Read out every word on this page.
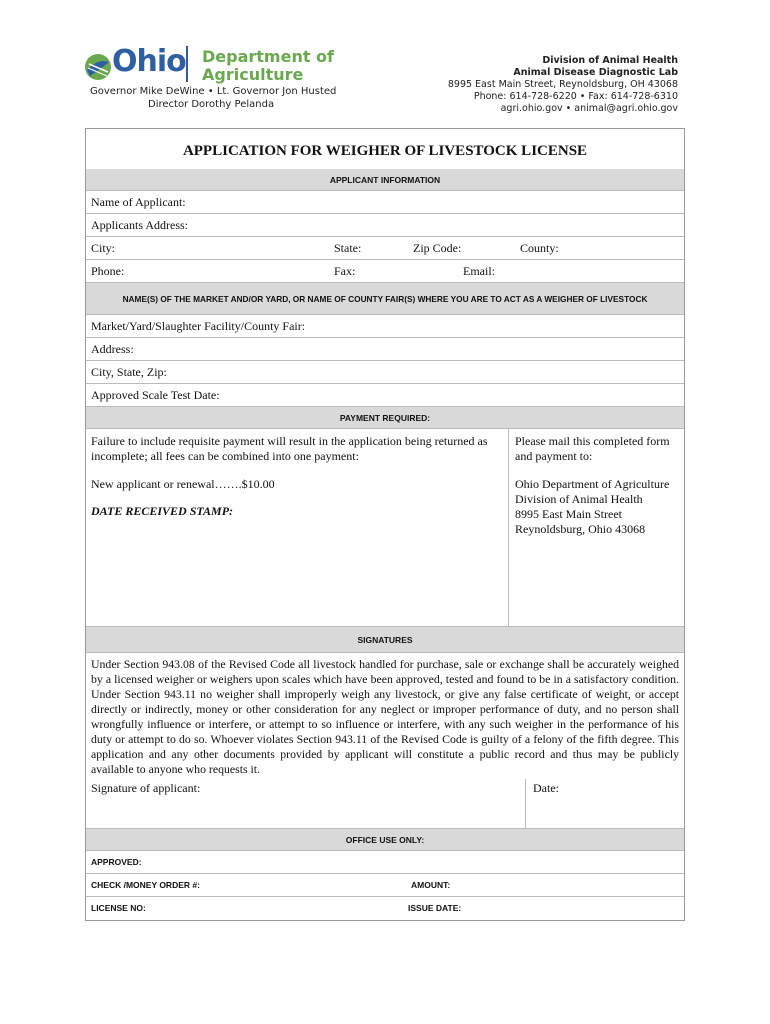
Ohio Department of
Agriculture
Governor Mike DeWine • Lt. Governor Jon Husted
Director Dorothy Pelanda
Division of Animal Health
Animal Disease Diagnostic Lab
8995 East Main Street, Reynoldsburg, OH 43068
Phone: 614-728-6220 • Fax: 614-728-6310
agri.ohio.gov • animal@agri.ohio.gov
APPLICATION FOR WEIGHER OF LIVESTOCK LICENSE
APPLICANT INFORMATION
Name of Applicant:
Applicants Address:
City:	State:	Zip Code:	County:
Phone:	Fax:	Email:
NAME(S) OF THE MARKET AND/OR YARD, OR NAME OF COUNTY FAIR(S) WHERE YOU ARE TO ACT AS A WEIGHER OF LIVESTOCK
Market/Yard/Slaughter Facility/County Fair:
Address:
City, State, Zip:
Approved Scale Test Date:
PAYMENT REQUIRED:
Failure to include requisite payment will result in the application being returned as incomplete; all fees can be combined into one payment:
New applicant or renewal…….$10.00
DATE RECEIVED STAMP:
Please mail this completed form and payment to:
Ohio Department of Agriculture
Division of Animal Health
8995 East Main Street
Reynoldsburg, Ohio 43068
SIGNATURES
Under Section 943.08 of the Revised Code all livestock handled for purchase, sale or exchange shall be accurately weighed by a licensed weigher or weighers upon scales which have been approved, tested and found to be in a satisfactory condition. Under Section 943.11 no weigher shall improperly weigh any livestock, or give any false certificate of weight, or accept directly or indirectly, money or other consideration for any neglect or improper performance of duty, and no person shall wrongfully influence or interfere, or attempt to so influence or interfere, with any such weigher in the performance of his duty or attempt to do so. Whoever violates Section 943.11 of the Revised Code is guilty of a felony of the fifth degree. This application and any other documents provided by applicant will constitute a public record and thus may be publicly available to anyone who requests it.
Signature of applicant:	Date:
OFFICE USE ONLY:
APPROVED:
CHECK /MONEY ORDER #:	AMOUNT:
LICENSE NO:	ISSUE DATE:
